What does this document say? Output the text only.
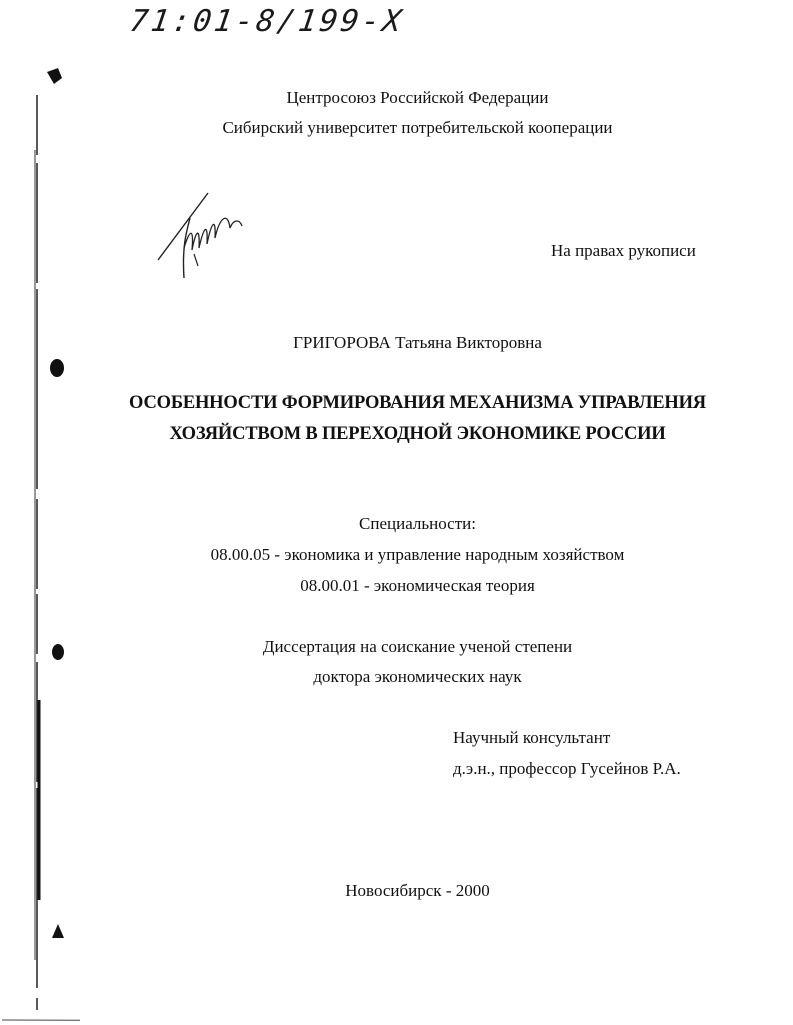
71:01-8/199-X
Центросоюз Российской Федерации
Сибирский университет потребительской кооперации
На правах рукописи
ГРИГОРОВА Татьяна Викторовна
ОСОБЕННОСТИ ФОРМИРОВАНИЯ МЕХАНИЗМА УПРАВЛЕНИЯ
ХОЗЯЙСТВОМ В ПЕРЕХОДНОЙ ЭКОНОМИКЕ РОССИИ
Специальности:
08.00.05 - экономика и управление народным хозяйством
08.00.01 - экономическая теория
Диссертация на соискание ученой степени
доктора экономических наук
Научный консультант
д.э.н., профессор Гусейнов Р.А.
Новосибирск - 2000
